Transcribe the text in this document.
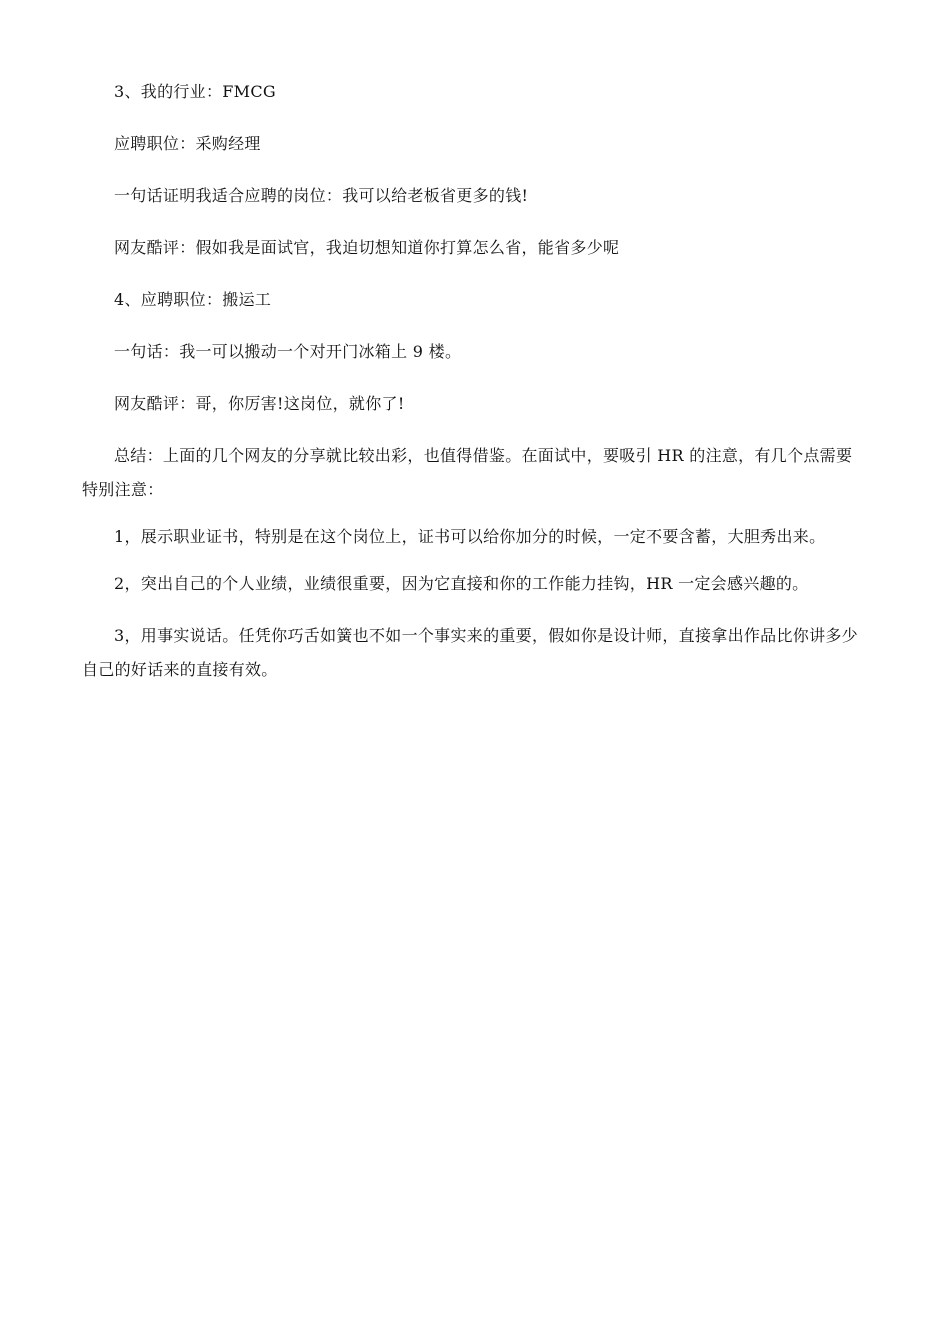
3、我的行业：FMCG

应聘职位：采购经理

一句话证明我适合应聘的岗位：我可以给老板省更多的钱!

网友酷评：假如我是面试官，我迫切想知道你打算怎么省，能省多少呢

4、应聘职位：搬运工

一句话：我一可以搬动一个对开门冰箱上 9 楼。

网友酷评：哥，你厉害!这岗位，就你了!

总结：上面的几个网友的分享就比较出彩，也值得借鉴。在面试中，要吸引 HR 的注意，有几个点需要特别注意：

1，展示职业证书，特别是在这个岗位上，证书可以给你加分的时候，一定不要含蓄，大胆秀出来。

2，突出自己的个人业绩，业绩很重要，因为它直接和你的工作能力挂钩，HR 一定会感兴趣的。

3，用事实说话。任凭你巧舌如簧也不如一个事实来的重要，假如你是设计师，直接拿出作品比你讲多少自己的好话来的直接有效。
